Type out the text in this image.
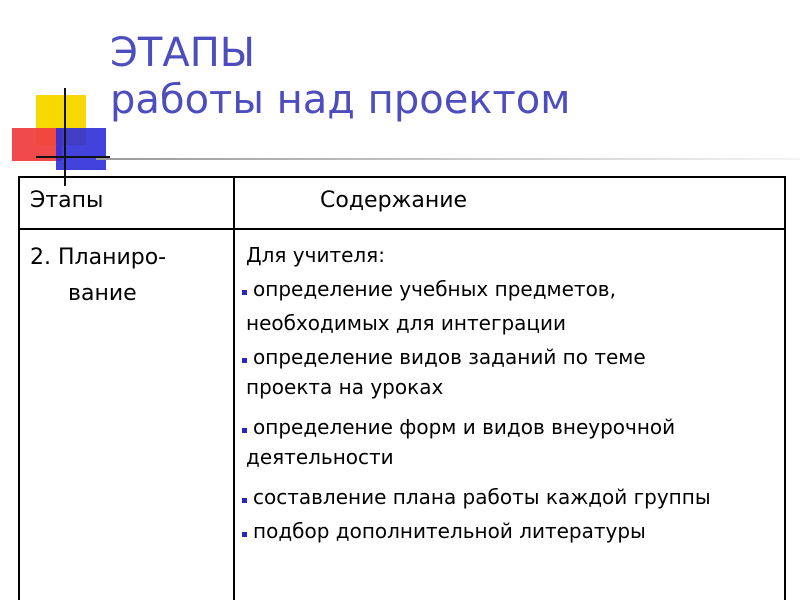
ЭТАПЫ
работы над проектом
Этапы	Содержание
2. Планиро-
вание

Для учителя:

определение учебных предметов,

необходимых для интеграции

определение видов заданий по теме

проекта на уроках

определение форм и видов внеурочной

деятельности

составление плана работы каждой группы

подбор дополнительной литературы
